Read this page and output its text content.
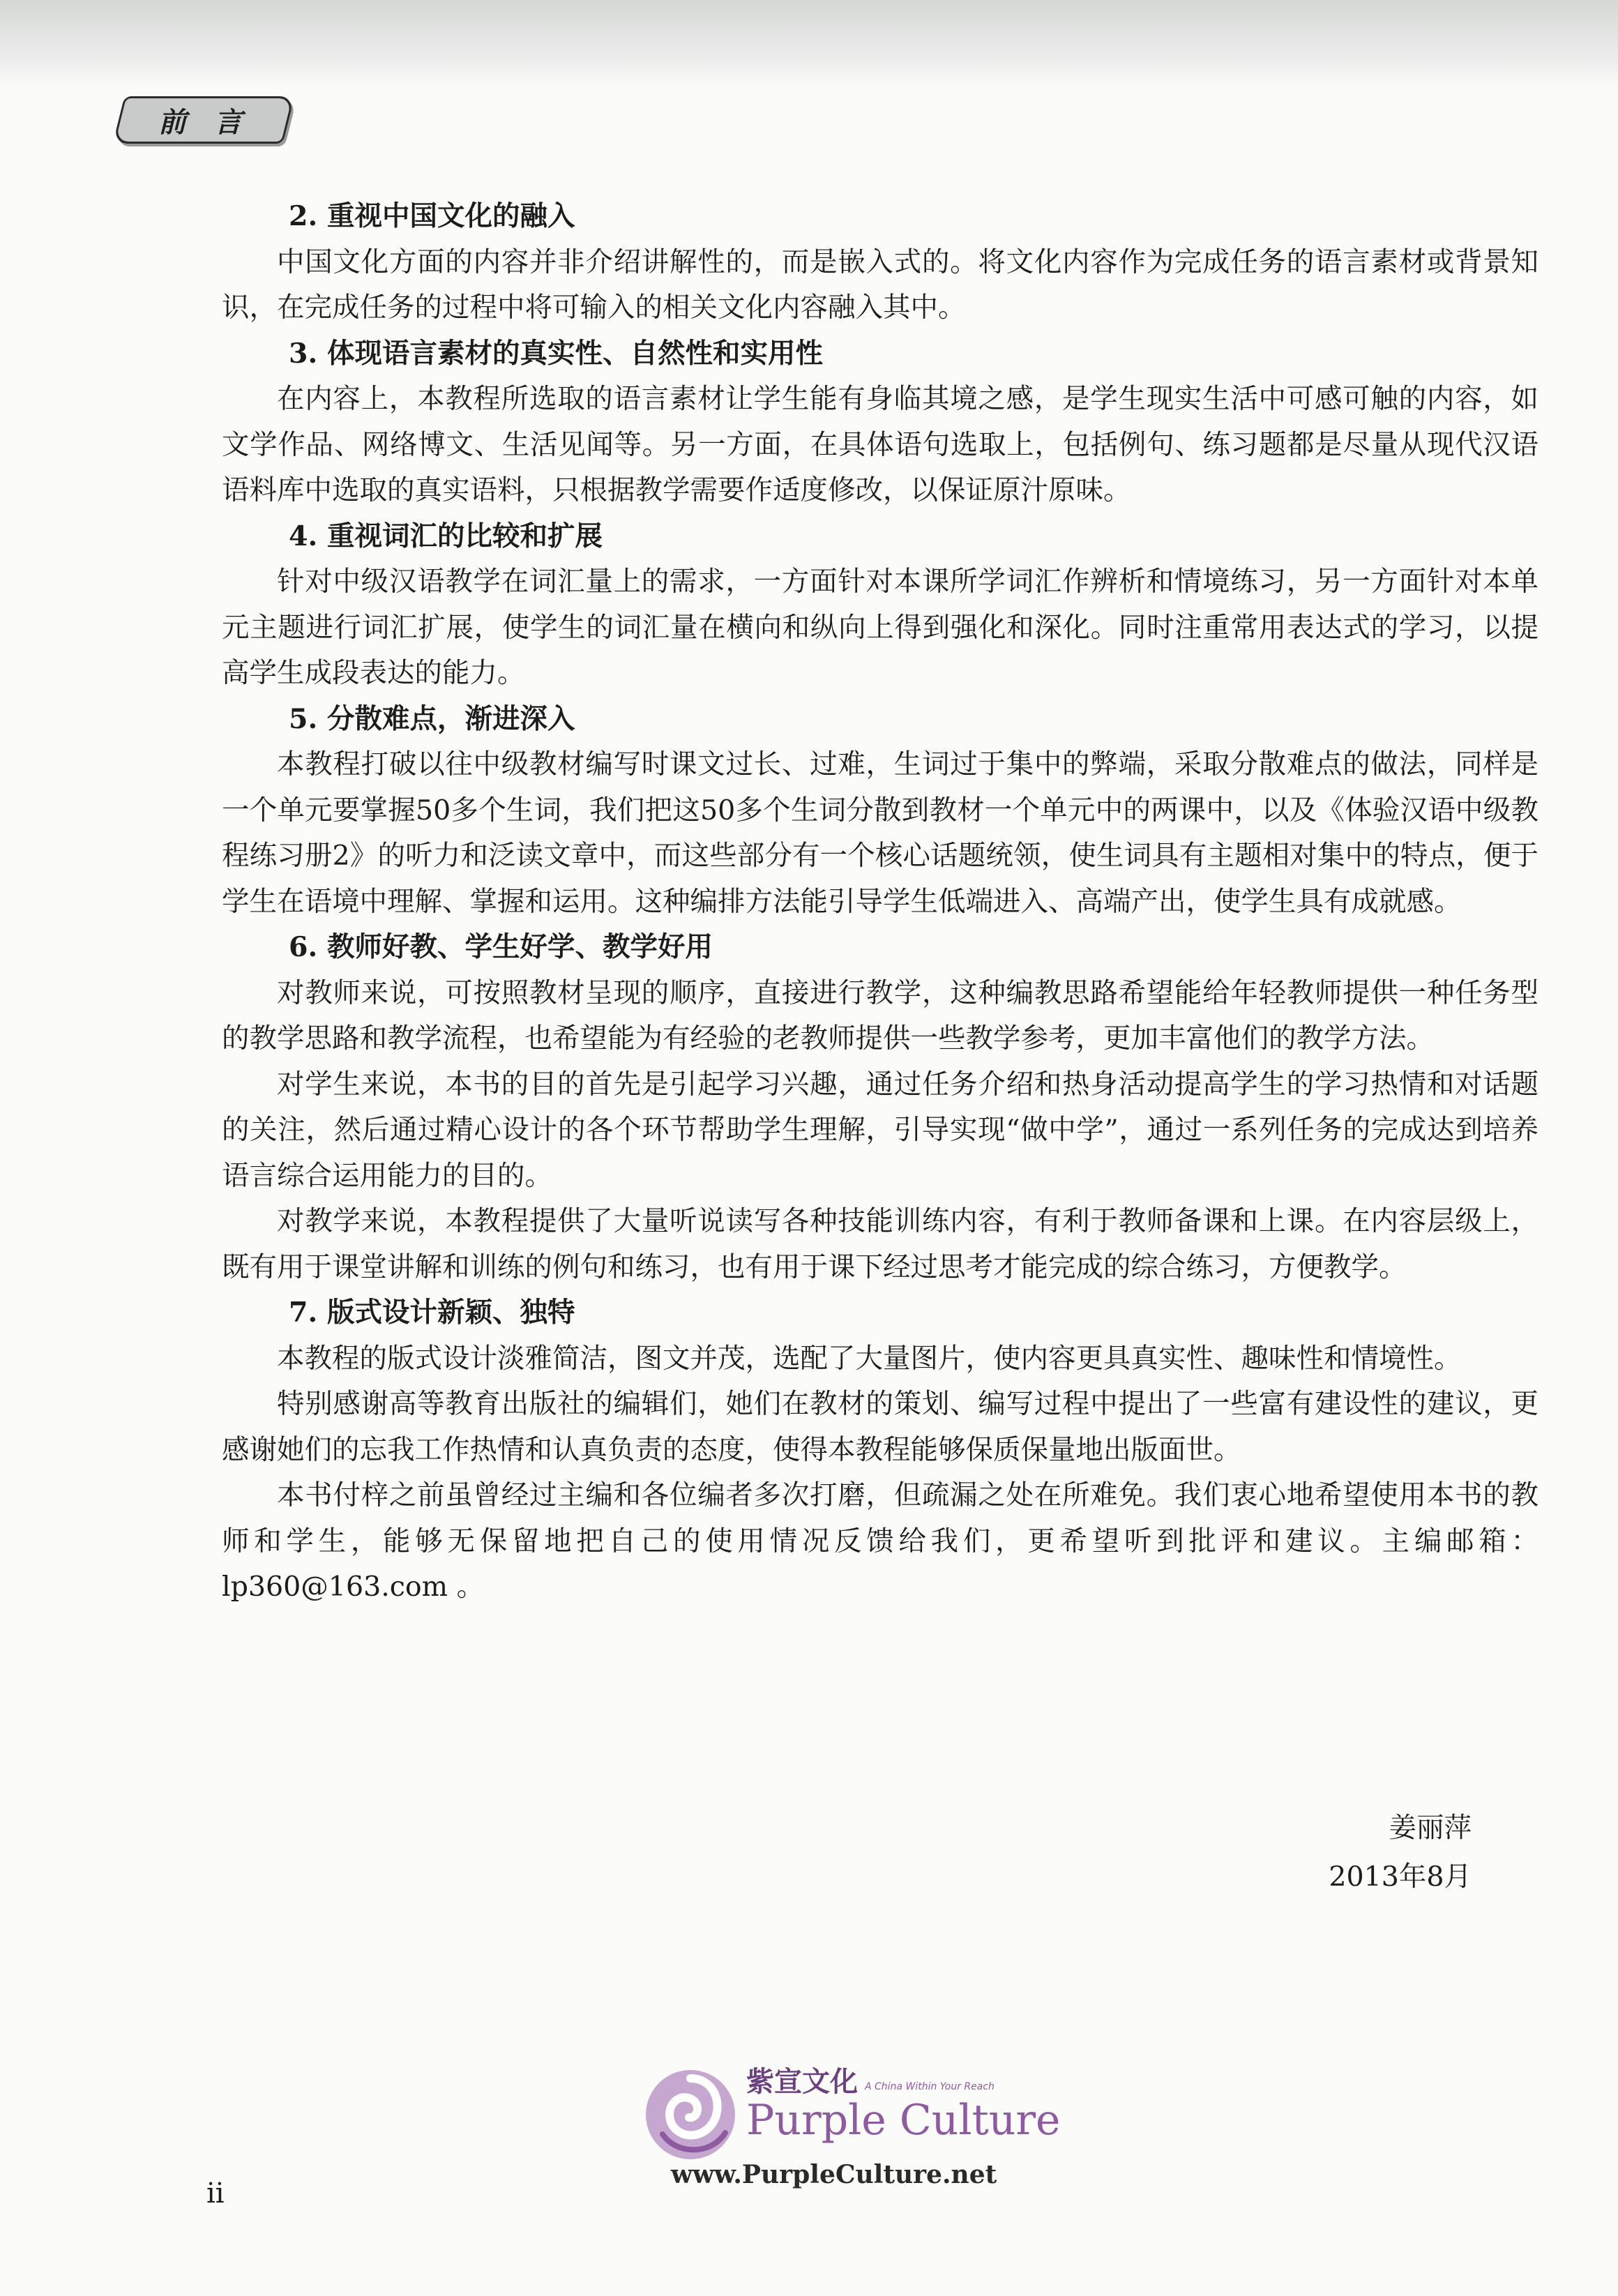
前言
2. 重视中国文化的融入

中国文化方面的内容并非介绍讲解性的，而是嵌入式的。将文化内容作为完成任务的语言素材或背景知识，在完成任务的过程中将可输入的相关文化内容融入其中。

3. 体现语言素材的真实性、自然性和实用性

在内容上，本教程所选取的语言素材让学生能有身临其境之感，是学生现实生活中可感可触的内容，如文学作品、网络博文、生活见闻等。另一方面，在具体语句选取上，包括例句、练习题都是尽量从现代汉语语料库中选取的真实语料，只根据教学需要作适度修改，以保证原汁原味。

4. 重视词汇的比较和扩展

针对中级汉语教学在词汇量上的需求，一方面针对本课所学词汇作辨析和情境练习，另一方面针对本单元主题进行词汇扩展，使学生的词汇量在横向和纵向上得到强化和深化。同时注重常用表达式的学习，以提高学生成段表达的能力。

5. 分散难点，渐进深入

本教程打破以往中级教材编写时课文过长、过难，生词过于集中的弊端，采取分散难点的做法，同样是一个单元要掌握50多个生词，我们把这50多个生词分散到教材一个单元中的两课中，以及《体验汉语中级教程练习册2》的听力和泛读文章中，而这些部分有一个核心话题统领，使生词具有主题相对集中的特点，便于学生在语境中理解、掌握和运用。这种编排方法能引导学生低端进入、高端产出，使学生具有成就感。

6. 教师好教、学生好学、教学好用

对教师来说，可按照教材呈现的顺序，直接进行教学，这种编教思路希望能给年轻教师提供一种任务型的教学思路和教学流程，也希望能为有经验的老教师提供一些教学参考，更加丰富他们的教学方法。

对学生来说，本书的目的首先是引起学习兴趣，通过任务介绍和热身活动提高学生的学习热情和对话题的关注，然后通过精心设计的各个环节帮助学生理解，引导实现“做中学”，通过一系列任务的完成达到培养语言综合运用能力的目的。

对教学来说，本教程提供了大量听说读写各种技能训练内容，有利于教师备课和上课。在内容层级上，既有用于课堂讲解和训练的例句和练习，也有用于课下经过思考才能完成的综合练习，方便教学。

7. 版式设计新颖、独特

本教程的版式设计淡雅简洁，图文并茂，选配了大量图片，使内容更具真实性、趣味性和情境性。

特别感谢高等教育出版社的编辑们，她们在教材的策划、编写过程中提出了一些富有建设性的建议，更感谢她们的忘我工作热情和认真负责的态度，使得本教程能够保质保量地出版面世。

本书付梓之前虽曾经过主编和各位编者多次打磨，但疏漏之处在所难免。我们衷心地希望使用本书的教师和学生，能够无保留地把自己的使用情况反馈给我们，更希望听到批评和建议。主编邮箱：lp360@163.com 。

姜丽萍
2013年8月
紫宣文化 A China Within Your Reach
Purple Culture
www.PurpleCulture.net
ii
